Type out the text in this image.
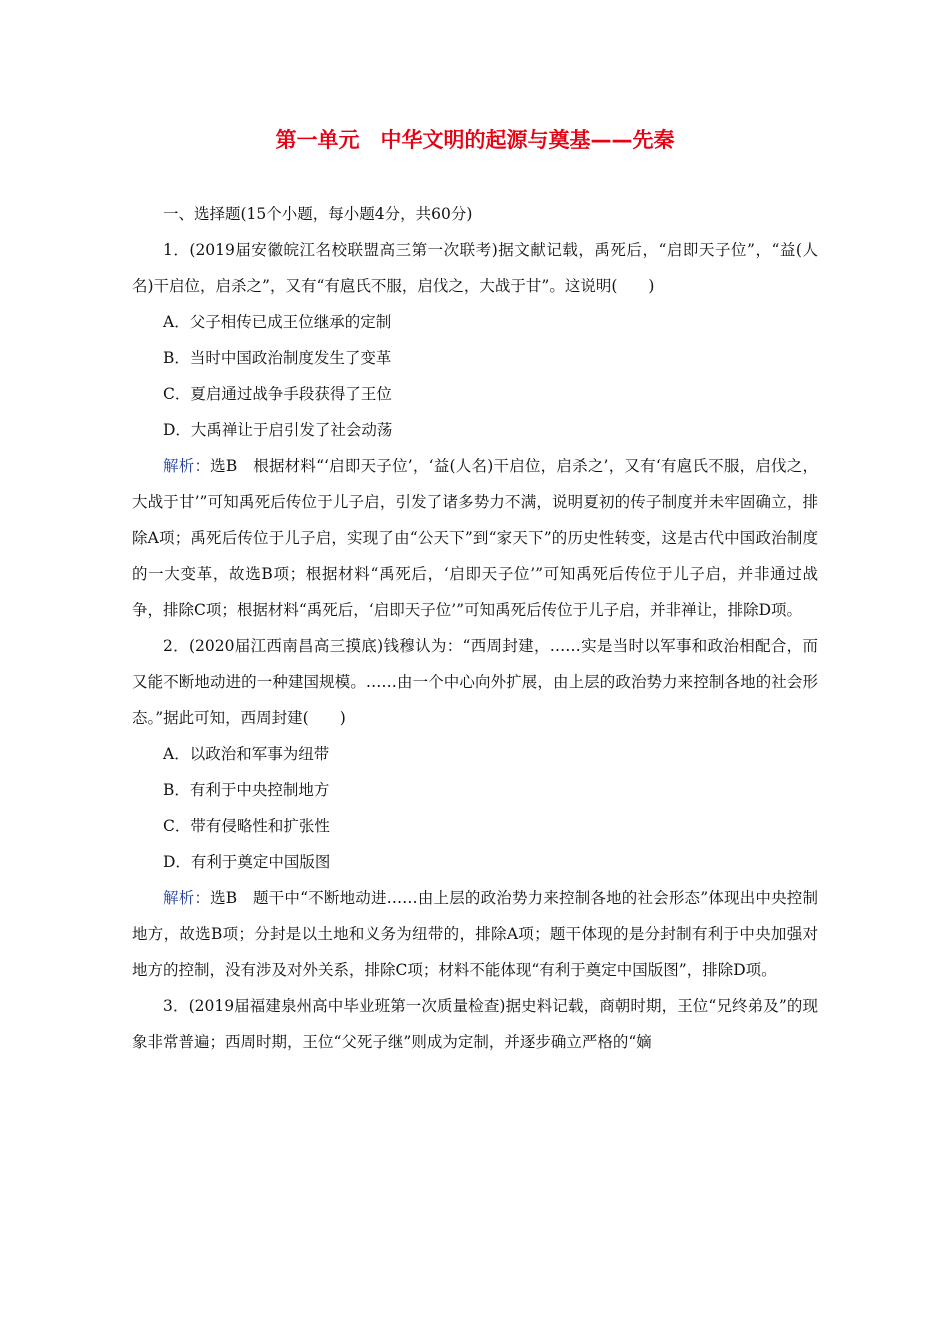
第一单元　中华文明的起源与奠基——先秦

一、选择题(15个小题，每小题4分，共60分)

1．(2019届安徽皖江名校联盟高三第一次联考)据文献记载，禹死后，“启即天子位”，“益(人名)干启位，启杀之”，又有“有扈氏不服，启伐之，大战于甘”。这说明(　　)

A．父子相传已成王位继承的定制

B．当时中国政治制度发生了变革

C．夏启通过战争手段获得了王位

D．大禹禅让于启引发了社会动荡

解析：选B　根据材料“‘启即天子位’，‘益(人名)干启位，启杀之’，又有‘有扈氏不服，启伐之，大战于甘’”可知禹死后传位于儿子启，引发了诸多势力不满，说明夏初的传子制度并未牢固确立，排除A项；禹死后传位于儿子启，实现了由“公天下”到“家天下”的历史性转变，这是古代中国政治制度的一大变革，故选B项；根据材料“禹死后，‘启即天子位’”可知禹死后传位于儿子启，并非通过战争，排除C项；根据材料“禹死后，‘启即天子位’”可知禹死后传位于儿子启，并非禅让，排除D项。

2．(2020届江西南昌高三摸底)钱穆认为：“西周封建，……实是当时以军事和政治相配合，而又能不断地动进的一种建国规模。……由一个中心向外扩展，由上层的政治势力来控制各地的社会形态。”据此可知，西周封建(　　)

A．以政治和军事为纽带

B．有利于中央控制地方

C．带有侵略性和扩张性

D．有利于奠定中国版图

解析：选B　题干中“不断地动进……由上层的政治势力来控制各地的社会形态”体现出中央控制地方，故选B项；分封是以土地和义务为纽带的，排除A项；题干体现的是分封制有利于中央加强对地方的控制，没有涉及对外关系，排除C项；材料不能体现“有利于奠定中国版图”，排除D项。

3．(2019届福建泉州高中毕业班第一次质量检查)据史料记载，商朝时期，王位“兄终弟及”的现象非常普遍；西周时期，王位“父死子继”则成为定制，并逐步确立严格的“嫡
